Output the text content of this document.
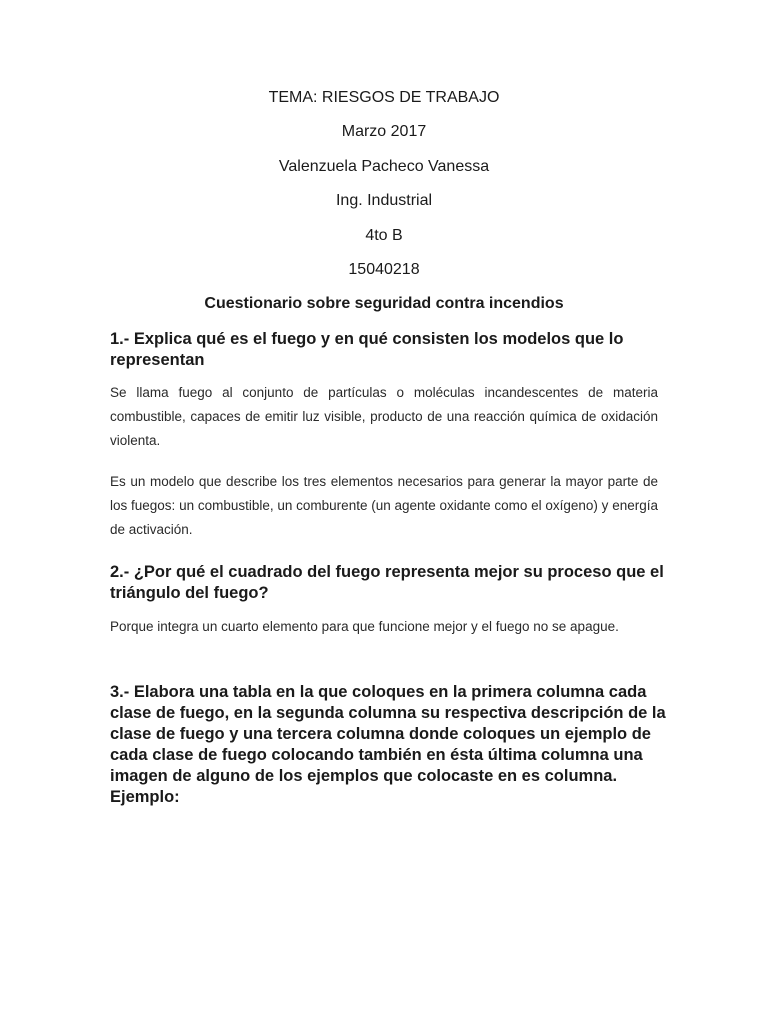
TEMA: RIESGOS DE TRABAJO
Marzo 2017
Valenzuela Pacheco Vanessa
Ing. Industrial
4to B
15040218
Cuestionario sobre seguridad contra incendios
1.- Explica qué es el fuego y en qué consisten los modelos que lo representan
Se llama fuego al conjunto de partículas o moléculas incandescentes de materia combustible, capaces de emitir luz visible, producto de una reacción química de oxidación violenta.
Es un modelo que describe los tres elementos necesarios para generar la mayor parte de los fuegos: un combustible, un comburente (un agente oxidante como el oxígeno) y energía de activación.
2.- ¿Por qué el cuadrado del fuego representa mejor su proceso que el triángulo del fuego?
Porque integra un cuarto elemento para que funcione mejor y el fuego no se apague.
3.- Elabora una tabla en la que coloques en la primera columna cada clase de fuego, en la segunda columna su respectiva descripción de la clase de fuego y una tercera columna donde coloques un ejemplo de cada clase de fuego colocando también en ésta última columna una imagen de alguno de los ejemplos que colocaste en es columna. Ejemplo:
